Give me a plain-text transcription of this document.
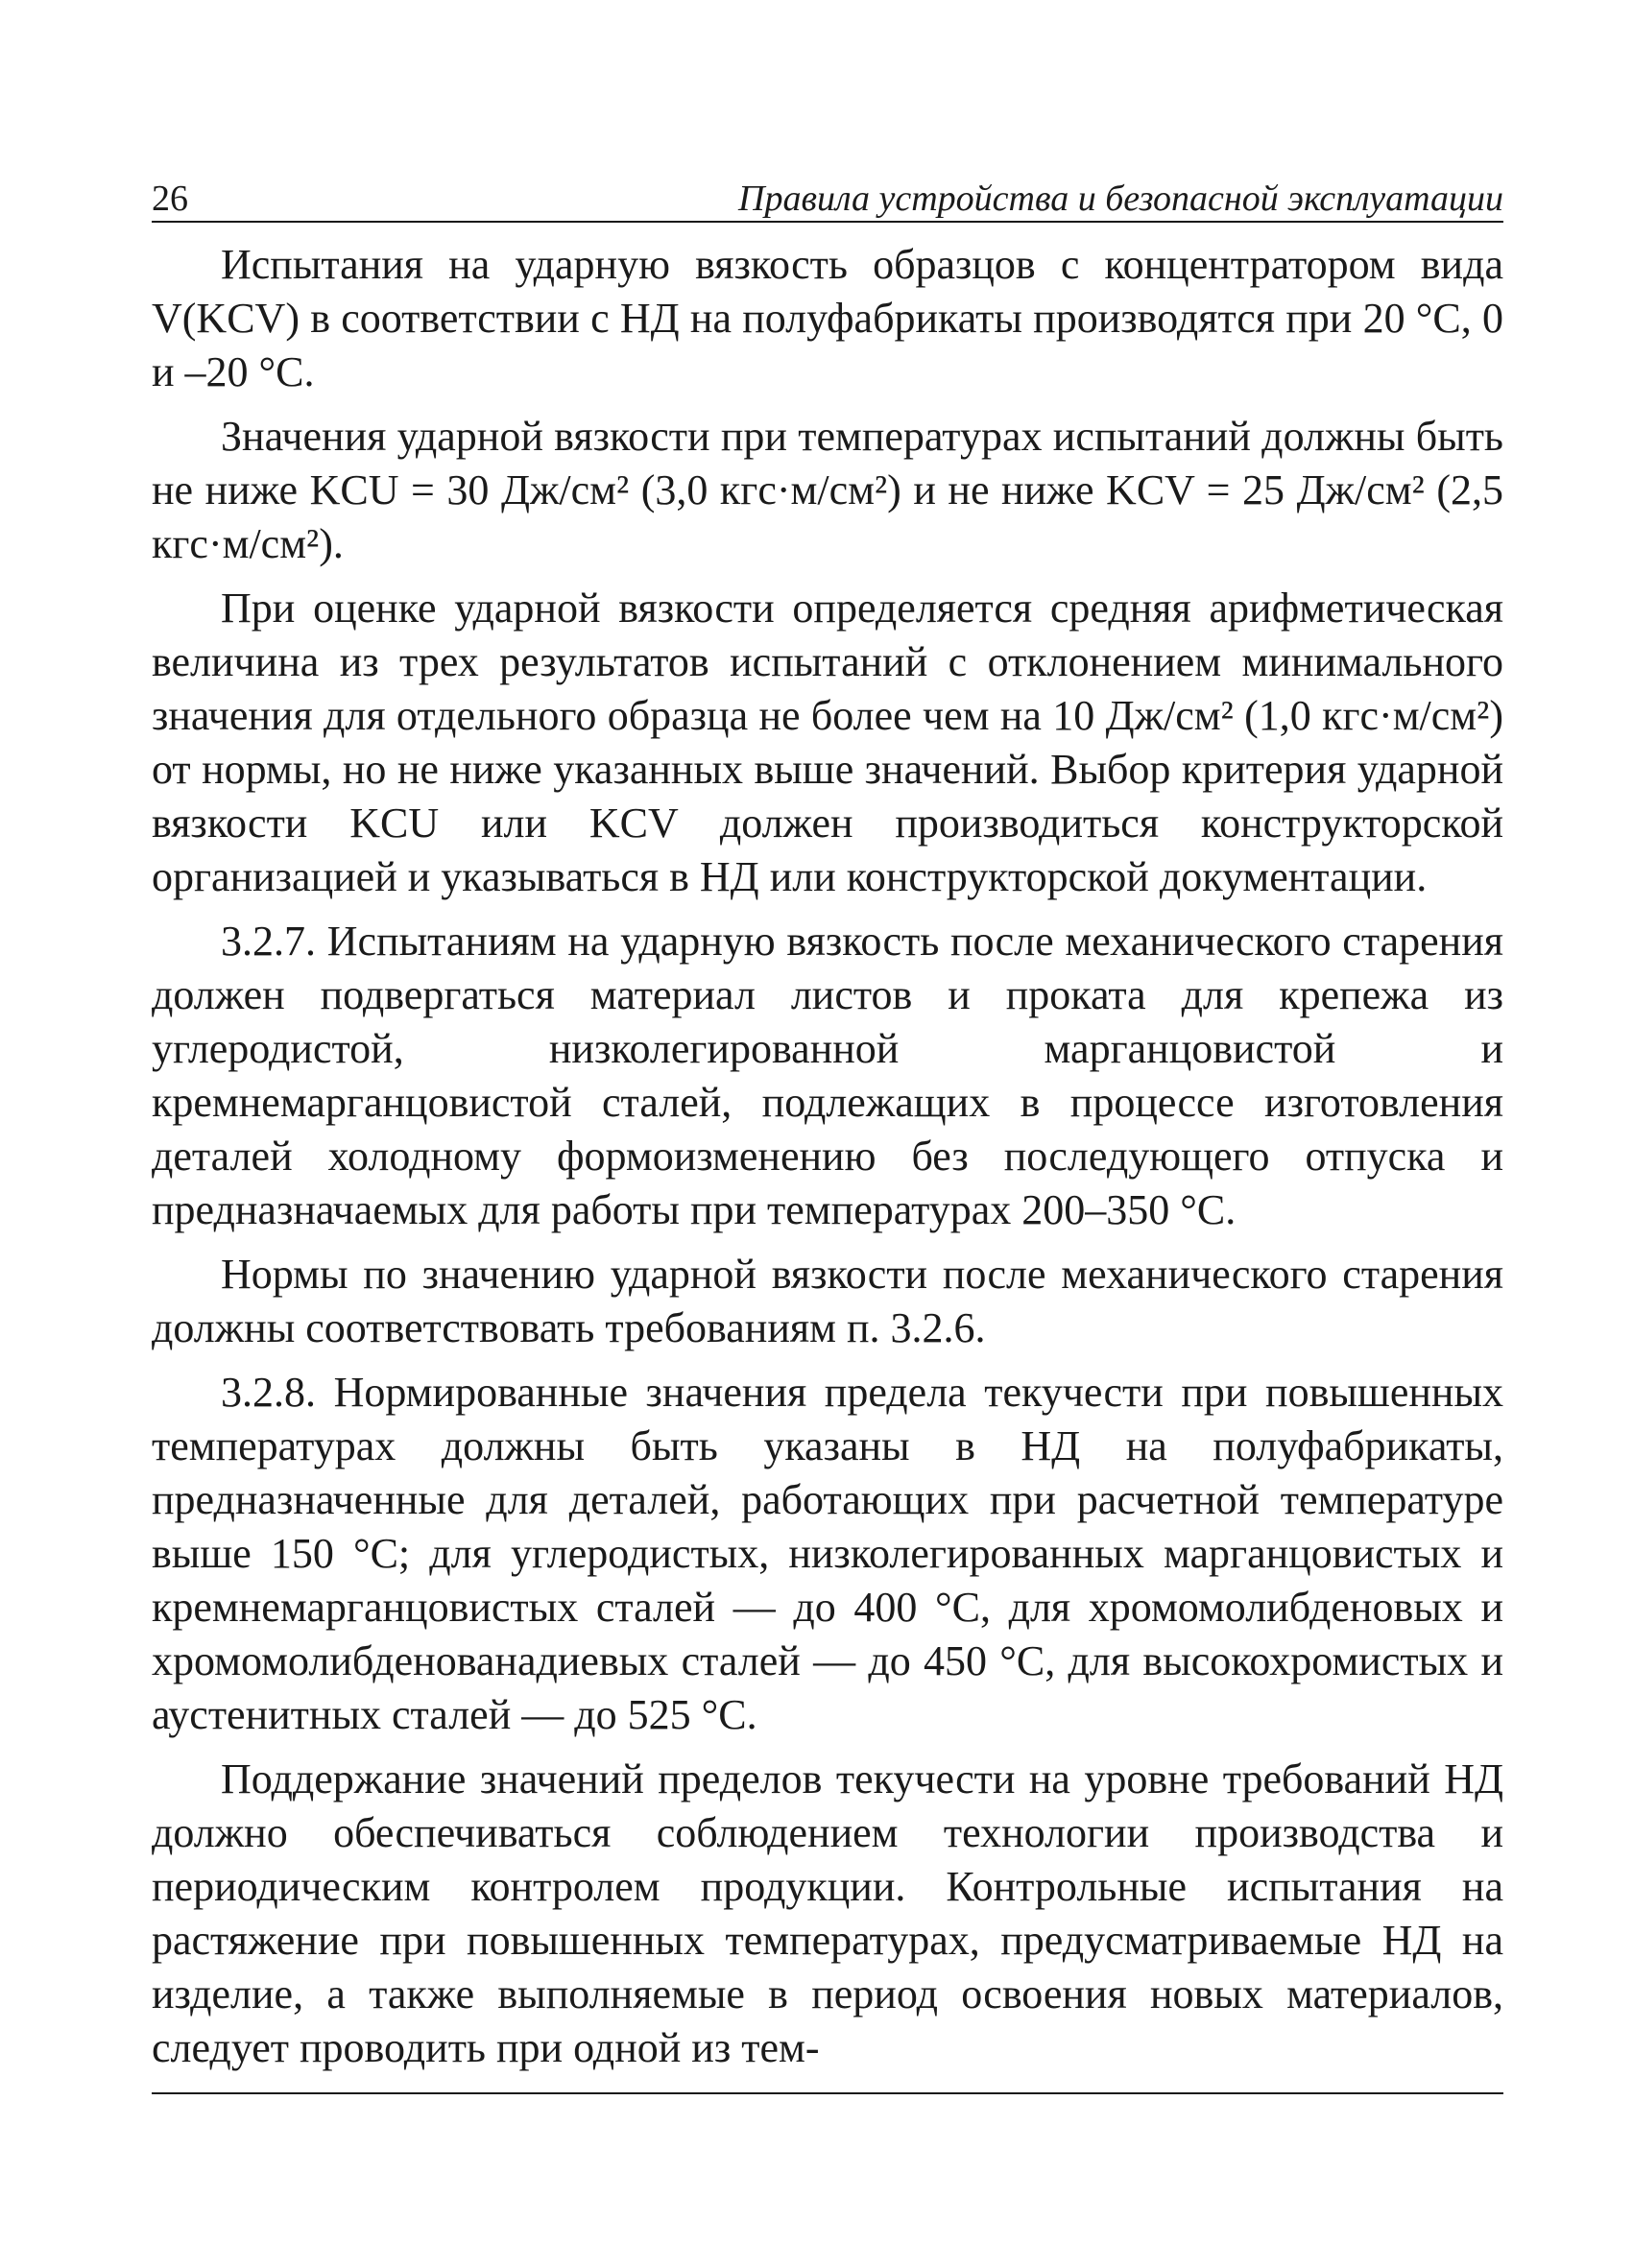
26	Правила устройства и безопасной эксплуатации

Испытания на ударную вязкость образцов с концентратором вида V(KCV) в соответствии с НД на полуфабрикаты производятся при 20 °С, 0 и –20 °С.

Значения ударной вязкости при температурах испытаний должны быть не ниже KCU = 30 Дж/см² (3,0 кгс·м/см²) и не ниже KCV = 25 Дж/см² (2,5 кгс·м/см²).

При оценке ударной вязкости определяется средняя арифметическая величина из трех результатов испытаний с отклонением минимального значения для отдельного образца не более чем на 10 Дж/см² (1,0 кгс·м/см²) от нормы, но не ниже указанных выше значений. Выбор критерия ударной вязкости KCU или KCV должен производиться конструкторской организацией и указываться в НД или конструкторской документации.

3.2.7. Испытаниям на ударную вязкость после механического старения должен подвергаться материал листов и проката для крепежа из углеродистой, низколегированной марганцовистой и кремнемарганцовистой сталей, подлежащих в процессе изготовления деталей холодному формоизменению без последующего отпуска и предназначаемых для работы при температурах 200–350 °С.

Нормы по значению ударной вязкости после механического старения должны соответствовать требованиям п. 3.2.6.

3.2.8. Нормированные значения предела текучести при повышенных температурах должны быть указаны в НД на полуфабрикаты, предназначенные для деталей, работающих при расчетной температуре выше 150 °С; для углеродистых, низколегированных марганцовистых и кремнемарганцовистых сталей — до 400 °С, для хромомолибденовых и хромомолибденованадиевых сталей — до 450 °С, для высокохромистых и аустенитных сталей — до 525 °С.

Поддержание значений пределов текучести на уровне требований НД должно обеспечиваться соблюдением технологии производства и периодическим контролем продукции. Контрольные испытания на растяжение при повышенных температурах, предусматриваемые НД на изделие, а также выполняемые в период освоения новых материалов, следует проводить при одной из тем-
